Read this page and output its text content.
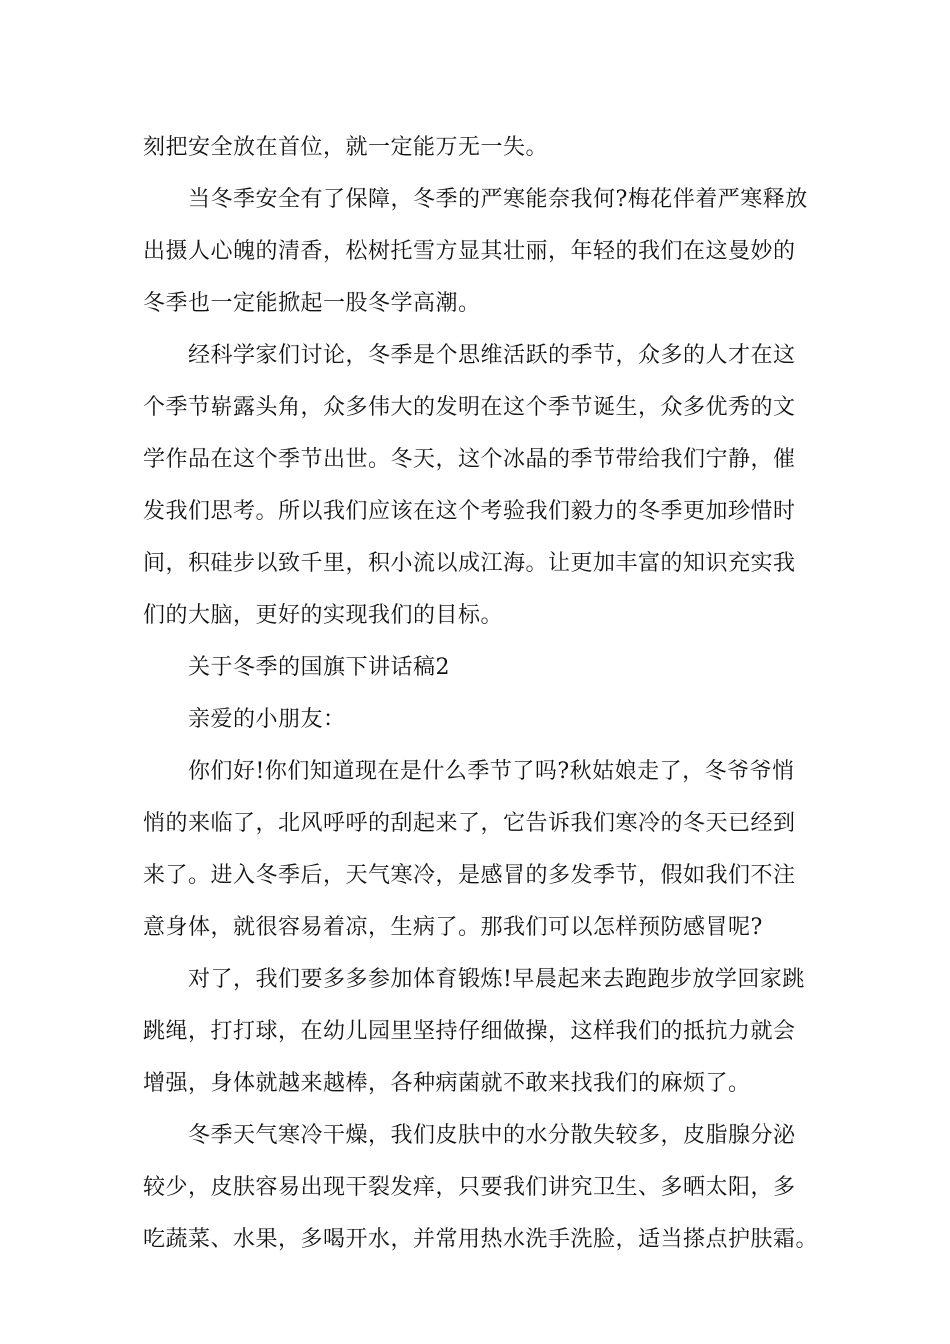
刻把安全放在首位，就一定能万无一失。
　　当冬季安全有了保障，冬季的严寒能奈我何?梅花伴着严寒释放
出摄人心魄的清香，松树托雪方显其壮丽，年轻的我们在这曼妙的
冬季也一定能掀起一股冬学高潮。
　　经科学家们讨论，冬季是个思维活跃的季节，众多的人才在这
个季节崭露头角，众多伟大的发明在这个季节诞生，众多优秀的文
学作品在这个季节出世。冬天，这个冰晶的季节带给我们宁静，催
发我们思考。所以我们应该在这个考验我们毅力的冬季更加珍惜时
间，积硅步以致千里，积小流以成江海。让更加丰富的知识充实我
们的大脑，更好的实现我们的目标。
　　关于冬季的国旗下讲话稿2
　　亲爱的小朋友：
　　你们好!你们知道现在是什么季节了吗?秋姑娘走了，冬爷爷悄
悄的来临了，北风呼呼的刮起来了，它告诉我们寒冷的冬天已经到
来了。进入冬季后，天气寒冷，是感冒的多发季节，假如我们不注
意身体，就很容易着凉，生病了。那我们可以怎样预防感冒呢?
　　对了，我们要多多参加体育锻炼!早晨起来去跑跑步放学回家跳
跳绳，打打球，在幼儿园里坚持仔细做操，这样我们的抵抗力就会
增强，身体就越来越棒，各种病菌就不敢来找我们的麻烦了。
　　冬季天气寒冷干燥，我们皮肤中的水分散失较多，皮脂腺分泌
较少，皮肤容易出现干裂发痒，只要我们讲究卫生、多晒太阳，多
吃蔬菜、水果，多喝开水，并常用热水洗手洗脸，适当搽点护肤霜。
